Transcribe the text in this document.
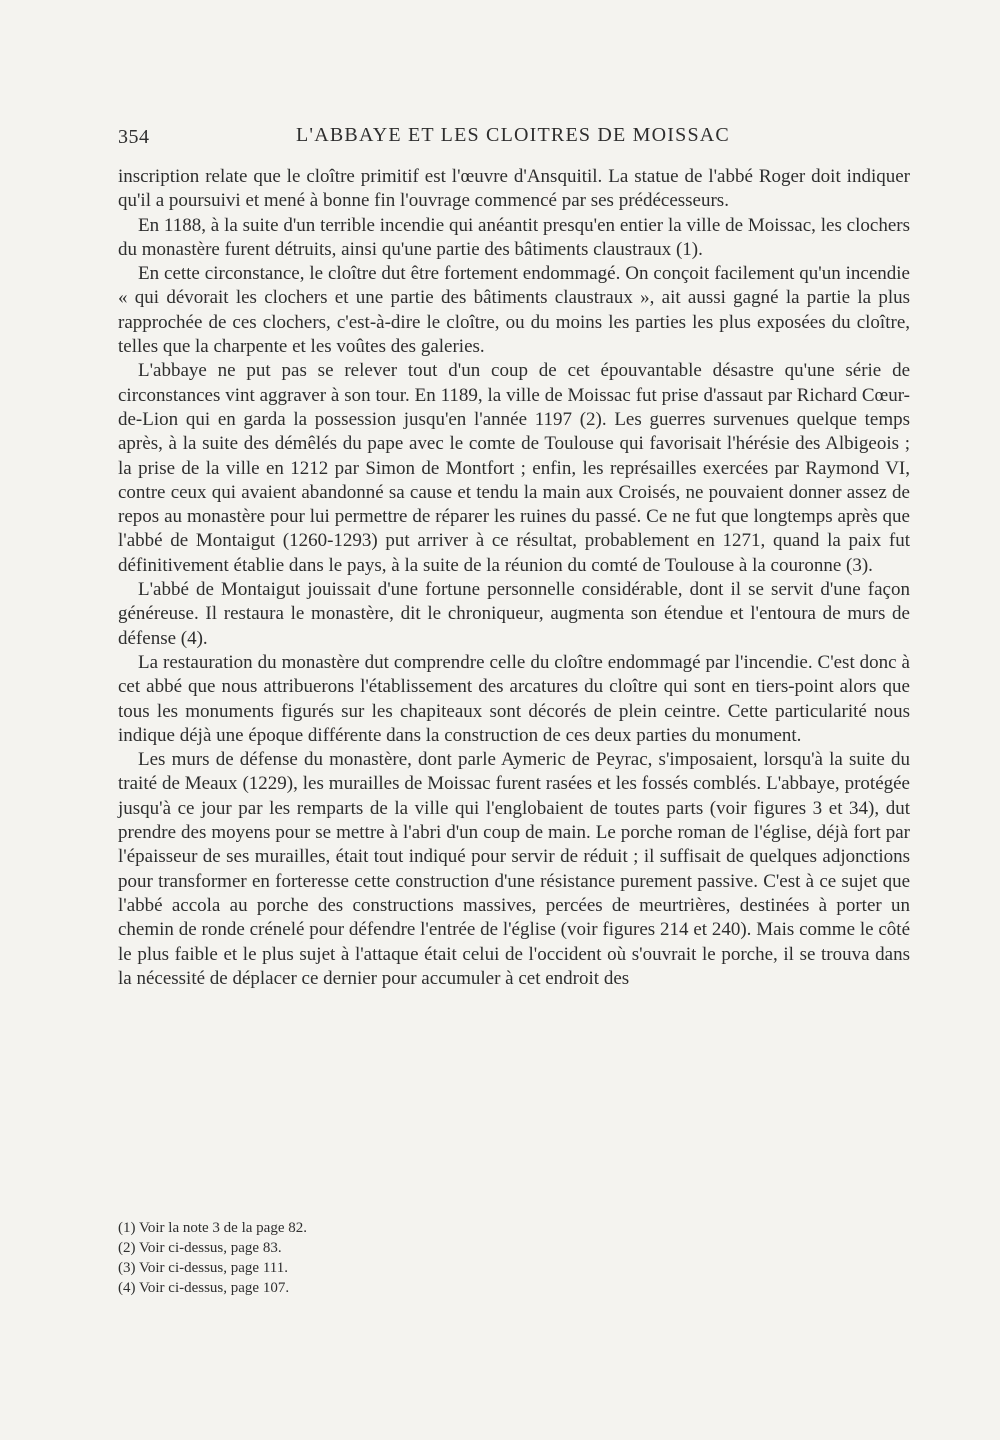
354	L'ABBAYE ET LES CLOITRES DE MOISSAC

inscription relate que le cloître primitif est l'œuvre d'Ansquitil. La statue de l'abbé Roger doit indiquer qu'il a poursuivi et mené à bonne fin l'ouvrage commencé par ses prédécesseurs.

En 1188, à la suite d'un terrible incendie qui anéantit presqu'en entier la ville de Moissac, les clochers du monastère furent détruits, ainsi qu'une partie des bâtiments claustraux (1).

En cette circonstance, le cloître dut être fortement endommagé. On conçoit facilement qu'un incendie « qui dévorait les clochers et une partie des bâtiments claustraux », ait aussi gagné la partie la plus rapprochée de ces clochers, c'est-à-dire le cloître, ou du moins les parties les plus exposées du cloître, telles que la charpente et les voûtes des galeries.

L'abbaye ne put pas se relever tout d'un coup de cet épouvantable désastre qu'une série de circonstances vint aggraver à son tour. En 1189, la ville de Moissac fut prise d'assaut par Richard Cœur-de-Lion qui en garda la possession jusqu'en l'année 1197 (2). Les guerres survenues quelque temps après, à la suite des démêlés du pape avec le comte de Toulouse qui favorisait l'hérésie des Albigeois ; la prise de la ville en 1212 par Simon de Montfort ; enfin, les représailles exercées par Raymond VI, contre ceux qui avaient abandonné sa cause et tendu la main aux Croisés, ne pouvaient donner assez de repos au monastère pour lui permettre de réparer les ruines du passé. Ce ne fut que longtemps après que l'abbé de Montaigut (1260-1293) put arriver à ce résultat, probablement en 1271, quand la paix fut définitivement établie dans le pays, à la suite de la réunion du comté de Toulouse à la couronne (3).

L'abbé de Montaigut jouissait d'une fortune personnelle considérable, dont il se servit d'une façon généreuse. Il restaura le monastère, dit le chroniqueur, augmenta son étendue et l'entoura de murs de défense (4).

La restauration du monastère dut comprendre celle du cloître endommagé par l'incendie. C'est donc à cet abbé que nous attribuerons l'établissement des arcatures du cloître qui sont en tiers-point alors que tous les monuments figurés sur les chapiteaux sont décorés de plein ceintre. Cette particularité nous indique déjà une époque différente dans la construction de ces deux parties du monument.

Les murs de défense du monastère, dont parle Aymeric de Peyrac, s'imposaient, lorsqu'à la suite du traité de Meaux (1229), les murailles de Moissac furent rasées et les fossés comblés. L'abbaye, protégée jusqu'à ce jour par les remparts de la ville qui l'englobaient de toutes parts (voir figures 3 et 34), dut prendre des moyens pour se mettre à l'abri d'un coup de main. Le porche roman de l'église, déjà fort par l'épaisseur de ses murailles, était tout indiqué pour servir de réduit ; il suffisait de quelques adjonctions pour transformer en forteresse cette construction d'une résistance purement passive. C'est à ce sujet que l'abbé accola au porche des constructions massives, percées de meurtrières, destinées à porter un chemin de ronde crénelé pour défendre l'entrée de l'église (voir figures 214 et 240). Mais comme le côté le plus faible et le plus sujet à l'attaque était celui de l'occident où s'ouvrait le porche, il se trouva dans la nécessité de déplacer ce dernier pour accumuler à cet endroit des

(1) Voir la note 3 de la page 82.

(2) Voir ci-dessus, page 83.

(3) Voir ci-dessus, page 111.

(4) Voir ci-dessus, page 107.
